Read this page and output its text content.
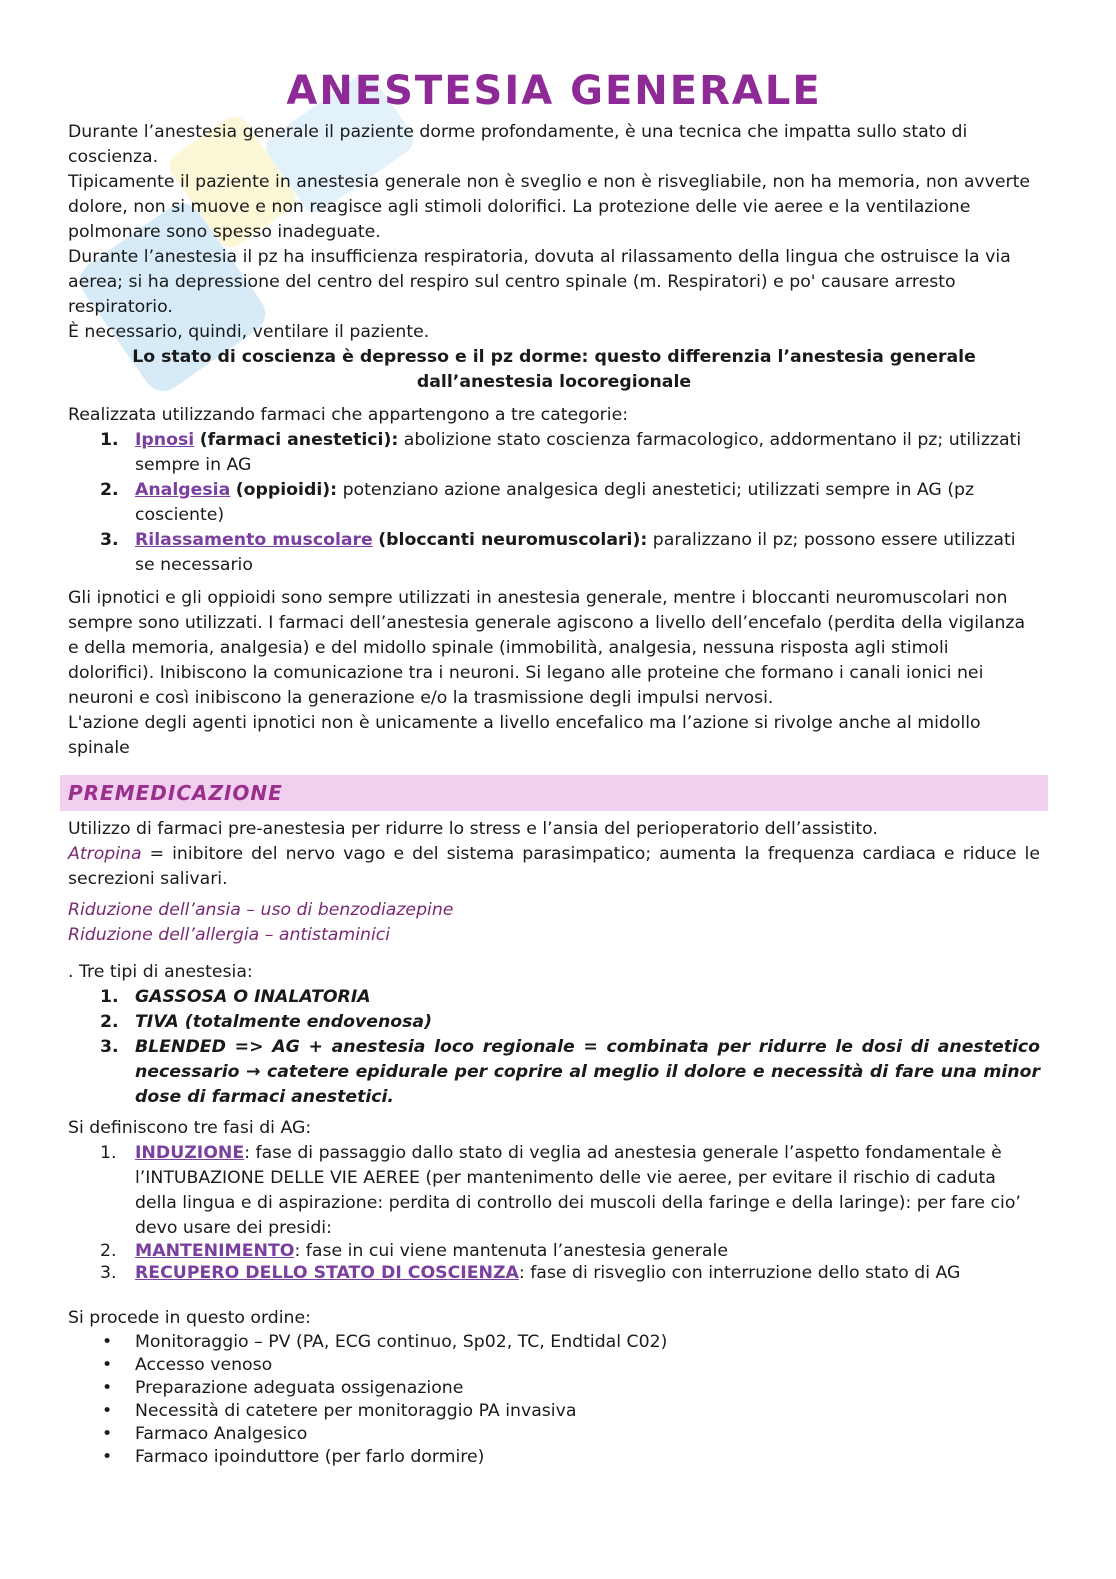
ANESTESIA GENERALE

Durante l’anestesia generale il paziente dorme profondamente, è una tecnica che impatta sullo stato di coscienza.

Tipicamente il paziente in anestesia generale non è sveglio e non è risvegliabile, non ha memoria, non avverte dolore, non si muove e non reagisce agli stimoli dolorifici. La protezione delle vie aeree e la ventilazione polmonare sono spesso inadeguate.

Durante l’anestesia il pz ha insufficienza respiratoria, dovuta al rilassamento della lingua che ostruisce la via aerea; si ha depressione del centro del respiro sul centro spinale (m. Respiratori) e po' causare arresto respiratorio.

È necessario, quindi, ventilare il paziente.

Lo stato di coscienza è depresso e il pz dorme: questo differenzia l’anestesia generale dall’anestesia locoregionale

Realizzata utilizzando farmaci che appartengono a tre categorie:

1. Ipnosi (farmaci anestetici): abolizione stato coscienza farmacologico, addormentano il pz; utilizzati sempre in AG
2. Analgesia (oppioidi): potenziano azione analgesica degli anestetici; utilizzati sempre in AG (pz cosciente)
3. Rilassamento muscolare (bloccanti neuromuscolari): paralizzano il pz; possono essere utilizzati se necessario

Gli ipnotici e gli oppioidi sono sempre utilizzati in anestesia generale, mentre i bloccanti neuromuscolari non sempre sono utilizzati. I farmaci dell’anestesia generale agiscono a livello dell’encefalo (perdita della vigilanza e della memoria, analgesia) e del midollo spinale (immobilità, analgesia, nessuna risposta agli stimoli dolorifici). Inibiscono la comunicazione tra i neuroni. Si legano alle proteine che formano i canali ionici nei neuroni e così inibiscono la generazione e/o la trasmissione degli impulsi nervosi.

L'azione degli agenti ipnotici non è unicamente a livello encefalico ma l’azione si rivolge anche al midollo spinale

PREMEDICAZIONE

Utilizzo di farmaci pre-anestesia per ridurre lo stress e l’ansia del perioperatorio dell’assistito.

Atropina = inibitore del nervo vago e del sistema parasimpatico; aumenta la frequenza cardiaca e riduce le secrezioni salivari.

Riduzione dell’ansia – uso di benzodiazepine

Riduzione dell’allergia – antistaminici

. Tre tipi di anestesia:

1. GASSOSA O INALATORIA
2. TIVA (totalmente endovenosa)
3. BLENDED => AG + anestesia loco regionale = combinata per ridurre le dosi di anestetico necessario → catetere epidurale per coprire al meglio il dolore e necessità di fare una minor dose di farmaci anestetici.

Si definiscono tre fasi di AG:

1. INDUZIONE: fase di passaggio dallo stato di veglia ad anestesia generale l’aspetto fondamentale è l’INTUBAZIONE DELLE VIE AEREE (per mantenimento delle vie aeree, per evitare il rischio di caduta della lingua e di aspirazione: perdita di controllo dei muscoli della faringe e della laringe): per fare cio’ devo usare dei presidi:
2. MANTENIMENTO: fase in cui viene mantenuta l’anestesia generale
3. RECUPERO DELLO STATO DI COSCIENZA: fase di risveglio con interruzione dello stato di AG

Si procede in questo ordine:

• Monitoraggio – PV (PA, ECG continuo, Sp02, TC, Endtidal C02)
• Accesso venoso
• Preparazione adeguata ossigenazione
• Necessità di catetere per monitoraggio PA invasiva
• Farmaco Analgesico
• Farmaco ipoinduttore (per farlo dormire)
